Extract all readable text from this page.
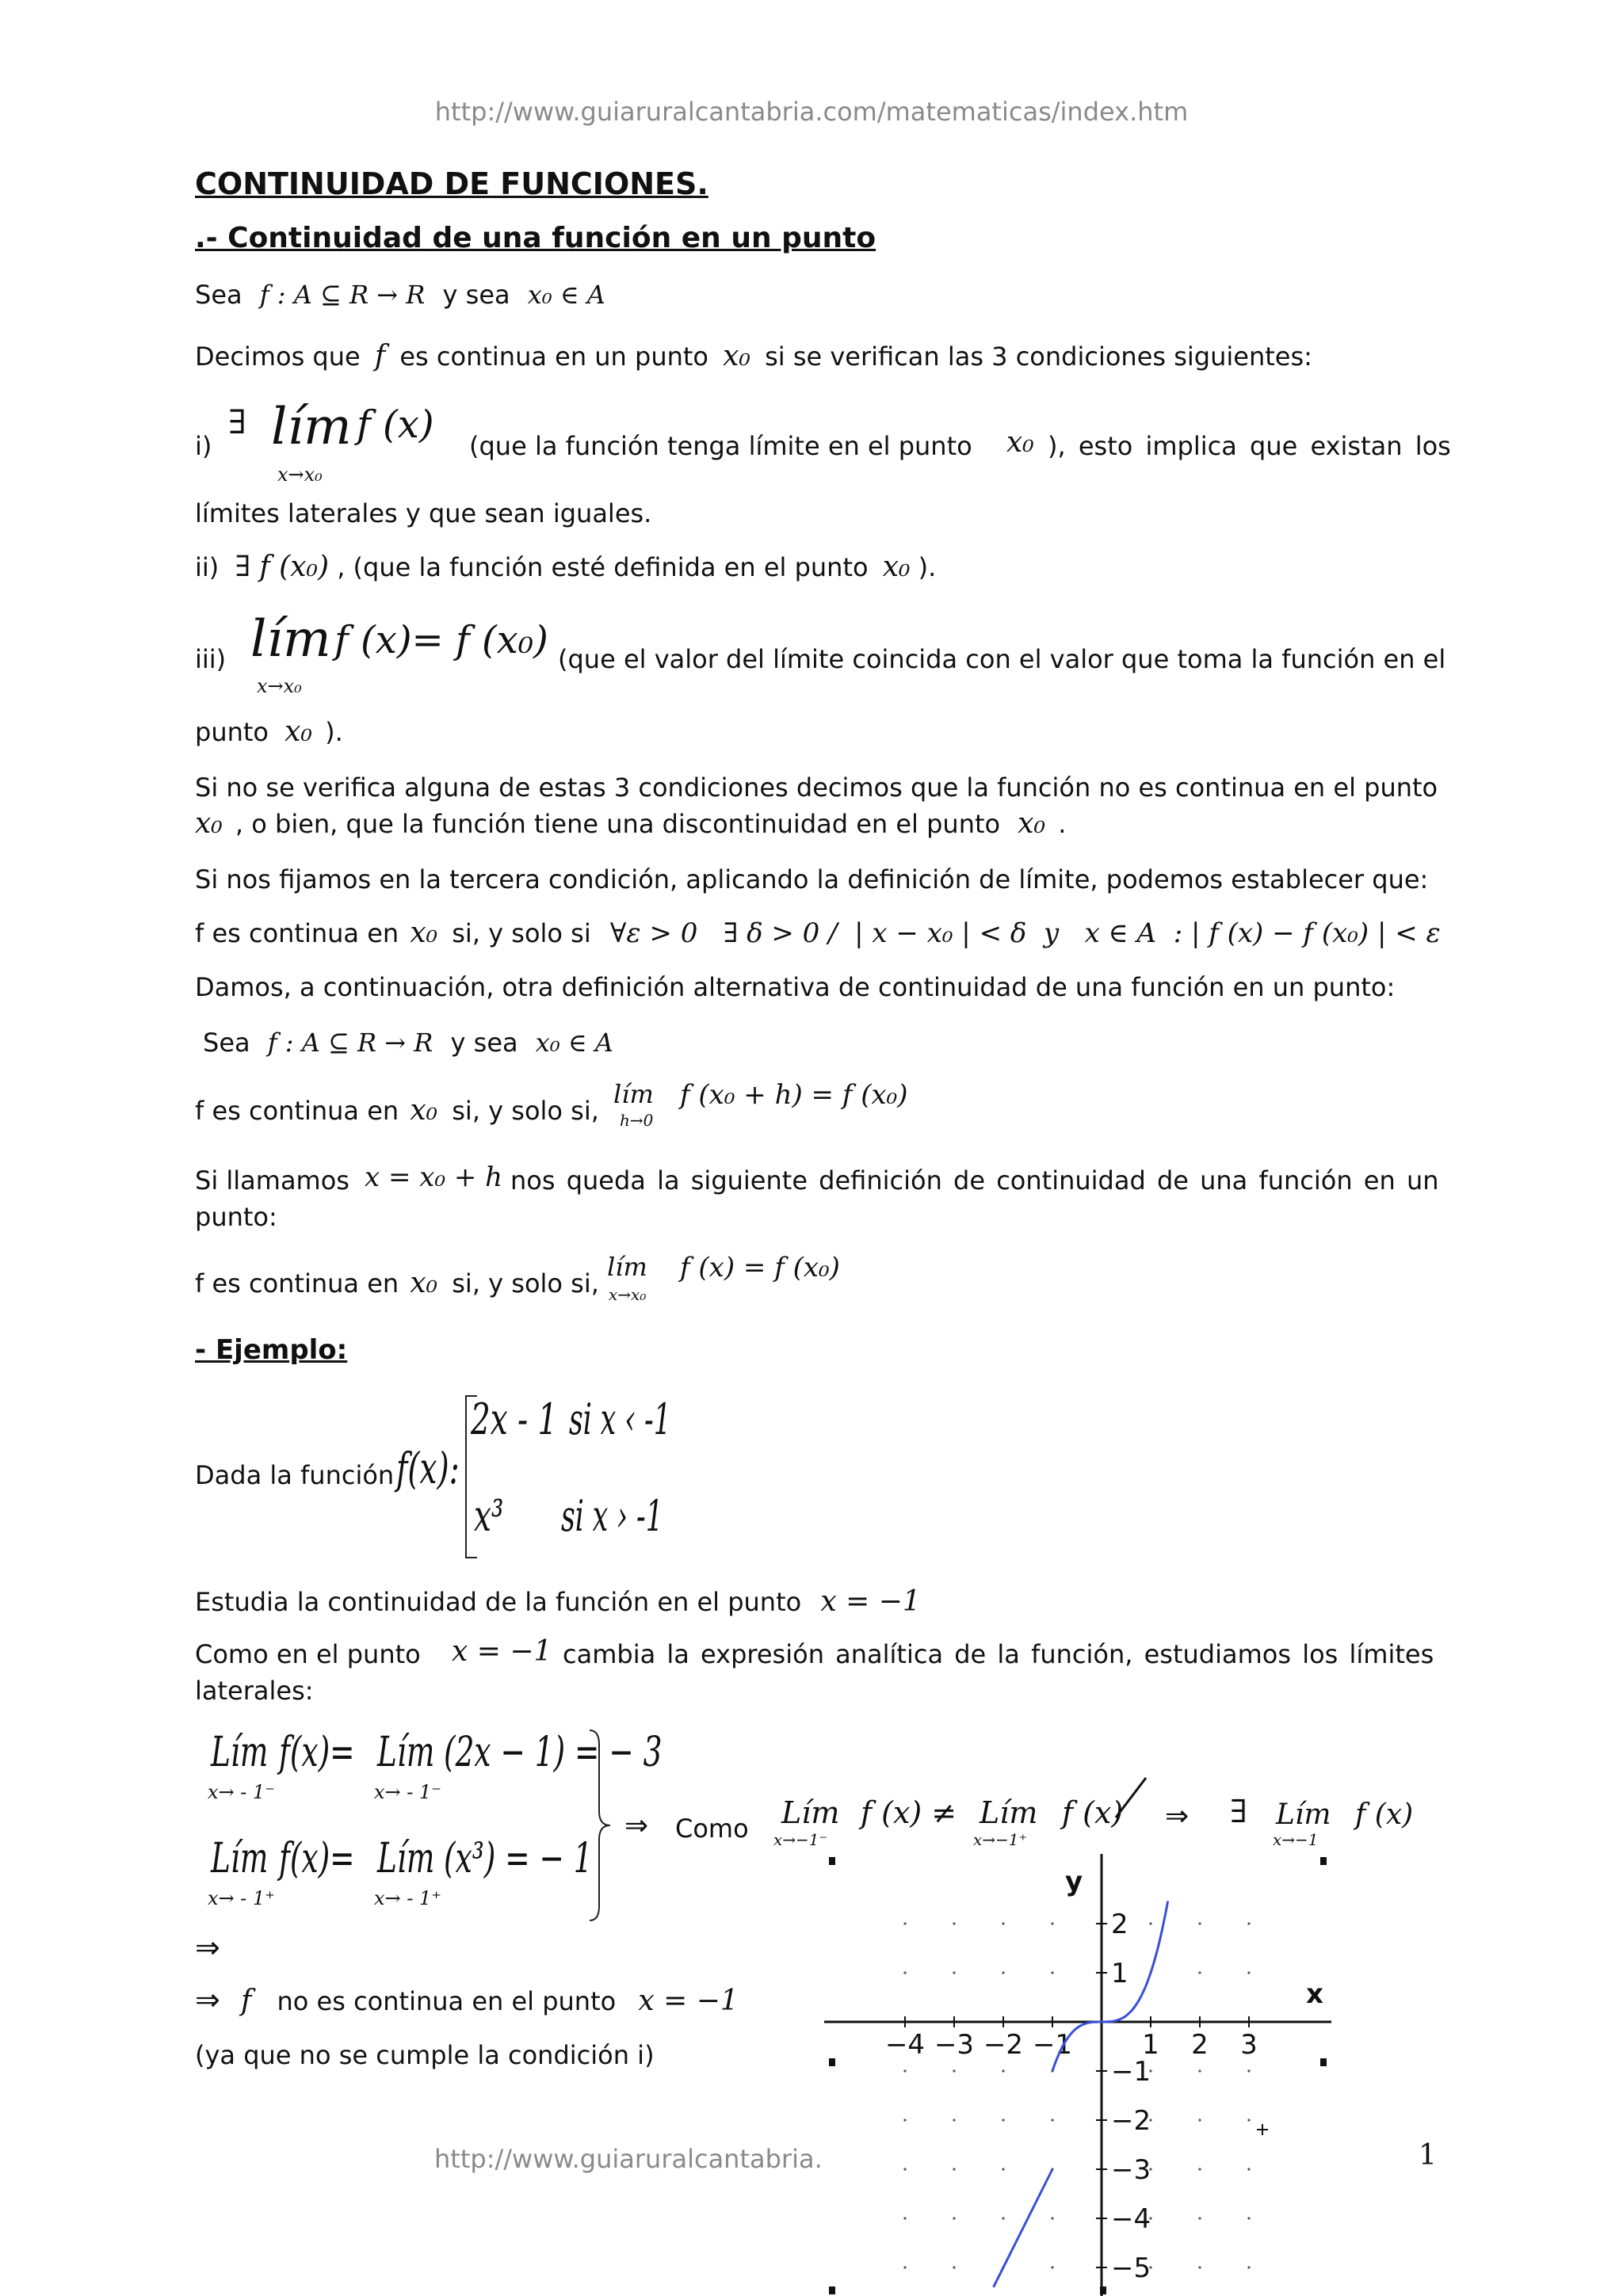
http://www.guiaruralcantabria.com/matematicas/index.htm
CONTINUIDAD DE FUNCIONES.
.- Continuidad de una función en un punto
Sea f : A ⊆ R → R y sea x₀ ∈ A
Decimos que f es continua en un punto x₀ si se verifican las 3 condiciones siguientes:
i)
∃ lím f (x)
x→x₀
(que la función tenga límite en el punto x₀ ), esto implica que existan los
límites laterales y que sean iguales.
ii) ∃ f (x₀) , (que la función esté definida en el punto x₀ ).
iii) lím f (x)= f (x₀)
x→x₀
(que el valor del límite coincida con el valor que toma la función en el
punto x₀ ).
Si no se verifica alguna de estas 3 condiciones decimos que la función no es continua en el punto
x₀ , o bien, que la función tiene una discontinuidad en el punto x₀ .
Si nos fijamos en la tercera condición, aplicando la definición de límite, podemos establecer que:
f es continua en x₀ si, y solo si ∀ε > 0   ∃ δ > 0 /  | x − x₀ | < δ  y   x ∈ A  : | f (x) − f (x₀) | < ε
Damos, a continuación, otra definición alternativa de continuidad de una función en un punto:
Sea f : A ⊆ R → R y sea x₀ ∈ A
f es continua en x₀ si, y solo si,
lím
h→0
f (x₀ + h) = f (x₀)
Si llamamos x = x₀ + h nos queda la siguiente definición de continuidad de una función en un
punto:
f es continua en x₀ si, y solo si,
lím
x→x₀
f (x) = f (x₀)
- Ejemplo:
Dada la función f(x):
2x - 1 si x ‹ -1
x³ si x › -1
Estudia la continuidad de la función en el punto x = −1
Como en el punto x = −1 cambia la expresión analítica de la función, estudiamos los límites
laterales:
Lím f(x)= Lím (2x − 1) = − 3
x→ - 1⁻	x→ - 1⁻
Lím f(x)= Lím (x³) = − 1
x→ - 1⁺	x→ - 1⁺
⇒ Como Lím
x→−1⁻
f (x) ≠ Lím
x→−1⁺
f (x) ⇒ ∃ Lím
x→−1
f (x)
⇒
⇒ f no es continua en el punto x = −1
(ya que no se cumple la condición i)
http://www.guiaruralcantabria.	1
−4 −3 −2 −1	1 2 3
2
1
−1
−2
−3
−4
−5
x
y
